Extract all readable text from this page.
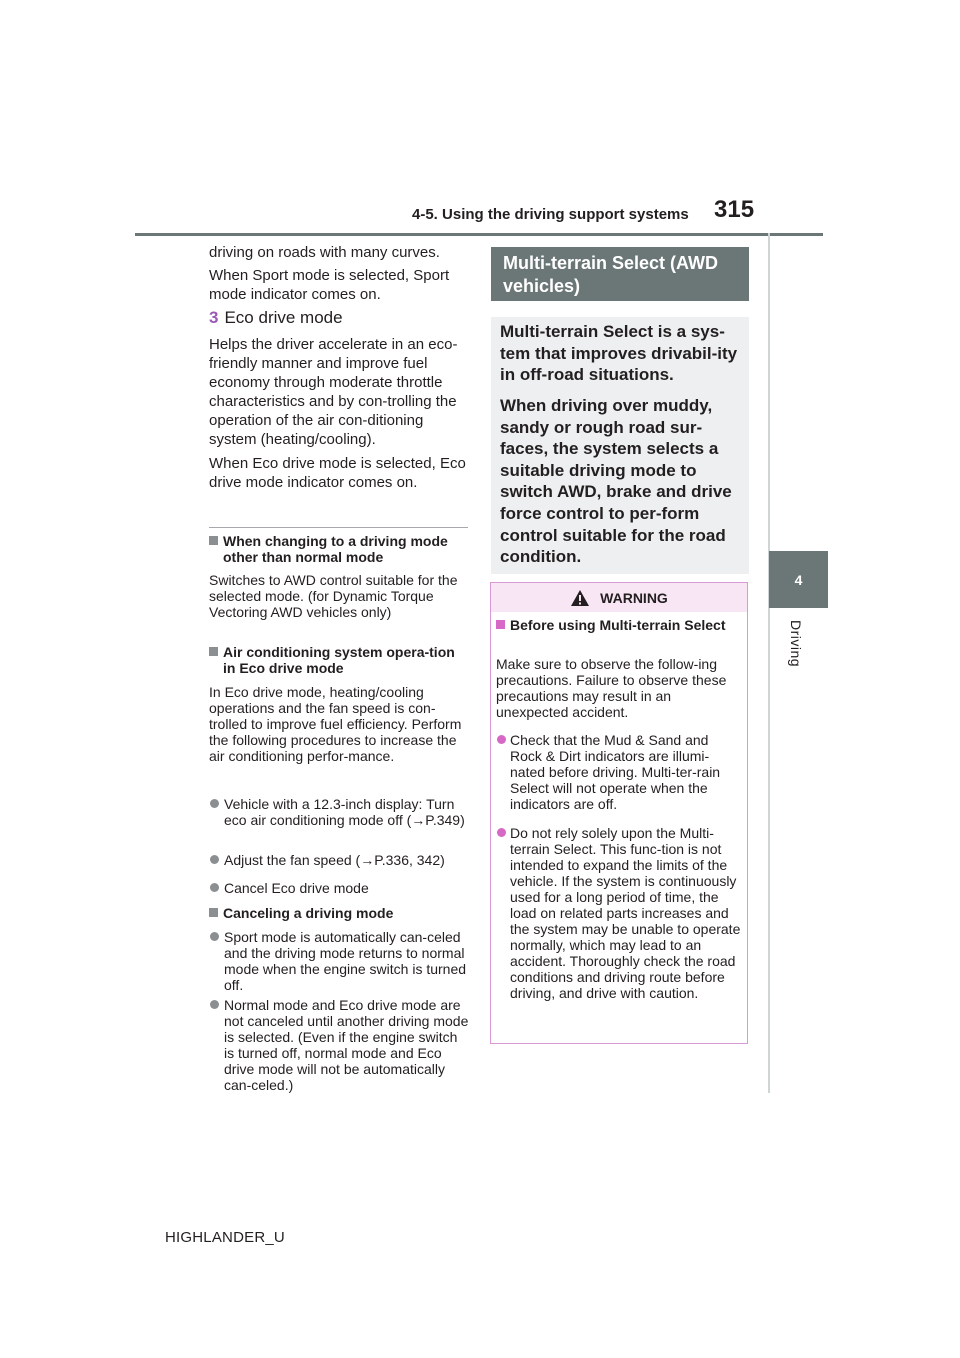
4-5. Using the driving support systems 315
4
Driving

driving on roads with many curves.

When Sport mode is selected, Sport mode indicator comes on.

3 Eco drive mode

Helps the driver accelerate in an eco-friendly manner and improve fuel economy through moderate throttle characteristics and by con-trolling the operation of the air con-ditioning system (heating/cooling).

When Eco drive mode is selected, Eco drive mode indicator comes on.

When changing to a driving mode other than normal mode

Switches to AWD control suitable for the selected mode. (for Dynamic Torque Vectoring AWD vehicles only)

Air conditioning system opera-tion in Eco drive mode

In Eco drive mode, heating/cooling operations and the fan speed is con-trolled to improve fuel efficiency. Perform the following procedures to increase the air conditioning perfor-mance.

Vehicle with a 12.3-inch display: Turn eco air conditioning mode off (→P.349)
Adjust the fan speed (→P.336, 342)
Cancel Eco drive mode
Canceling a driving mode
Sport mode is automatically can-celed and the driving mode returns to normal mode when the engine switch is turned off.
Normal mode and Eco drive mode are not canceled until another driving mode is selected. (Even if the engine switch is turned off, normal mode and Eco drive mode will not be automatically can-celed.)
Multi-terrain Select (AWD vehicles)

Multi-terrain Select is a sys-tem that improves drivabil-ity in off-road situations.

When driving over muddy, sandy or rough road sur-faces, the system selects a suitable driving mode to switch AWD, brake and drive force control to per-form control suitable for the road condition.

WARNING
Before using Multi-terrain Select

Make sure to observe the follow-ing precautions. Failure to observe these precautions may result in an unexpected accident.

Check that the Mud & Sand and Rock & Dirt indicators are illumi-nated before driving. Multi-ter-rain Select will not operate when the indicators are off.
Do not rely solely upon the Multi-terrain Select. This func-tion is not intended to expand the limits of the vehicle. If the system is continuously used for a long period of time, the load on related parts increases and the system may be unable to operate normally, which may lead to an accident. Thoroughly check the road conditions and driving route before driving, and drive with caution.
HIGHLANDER_U
